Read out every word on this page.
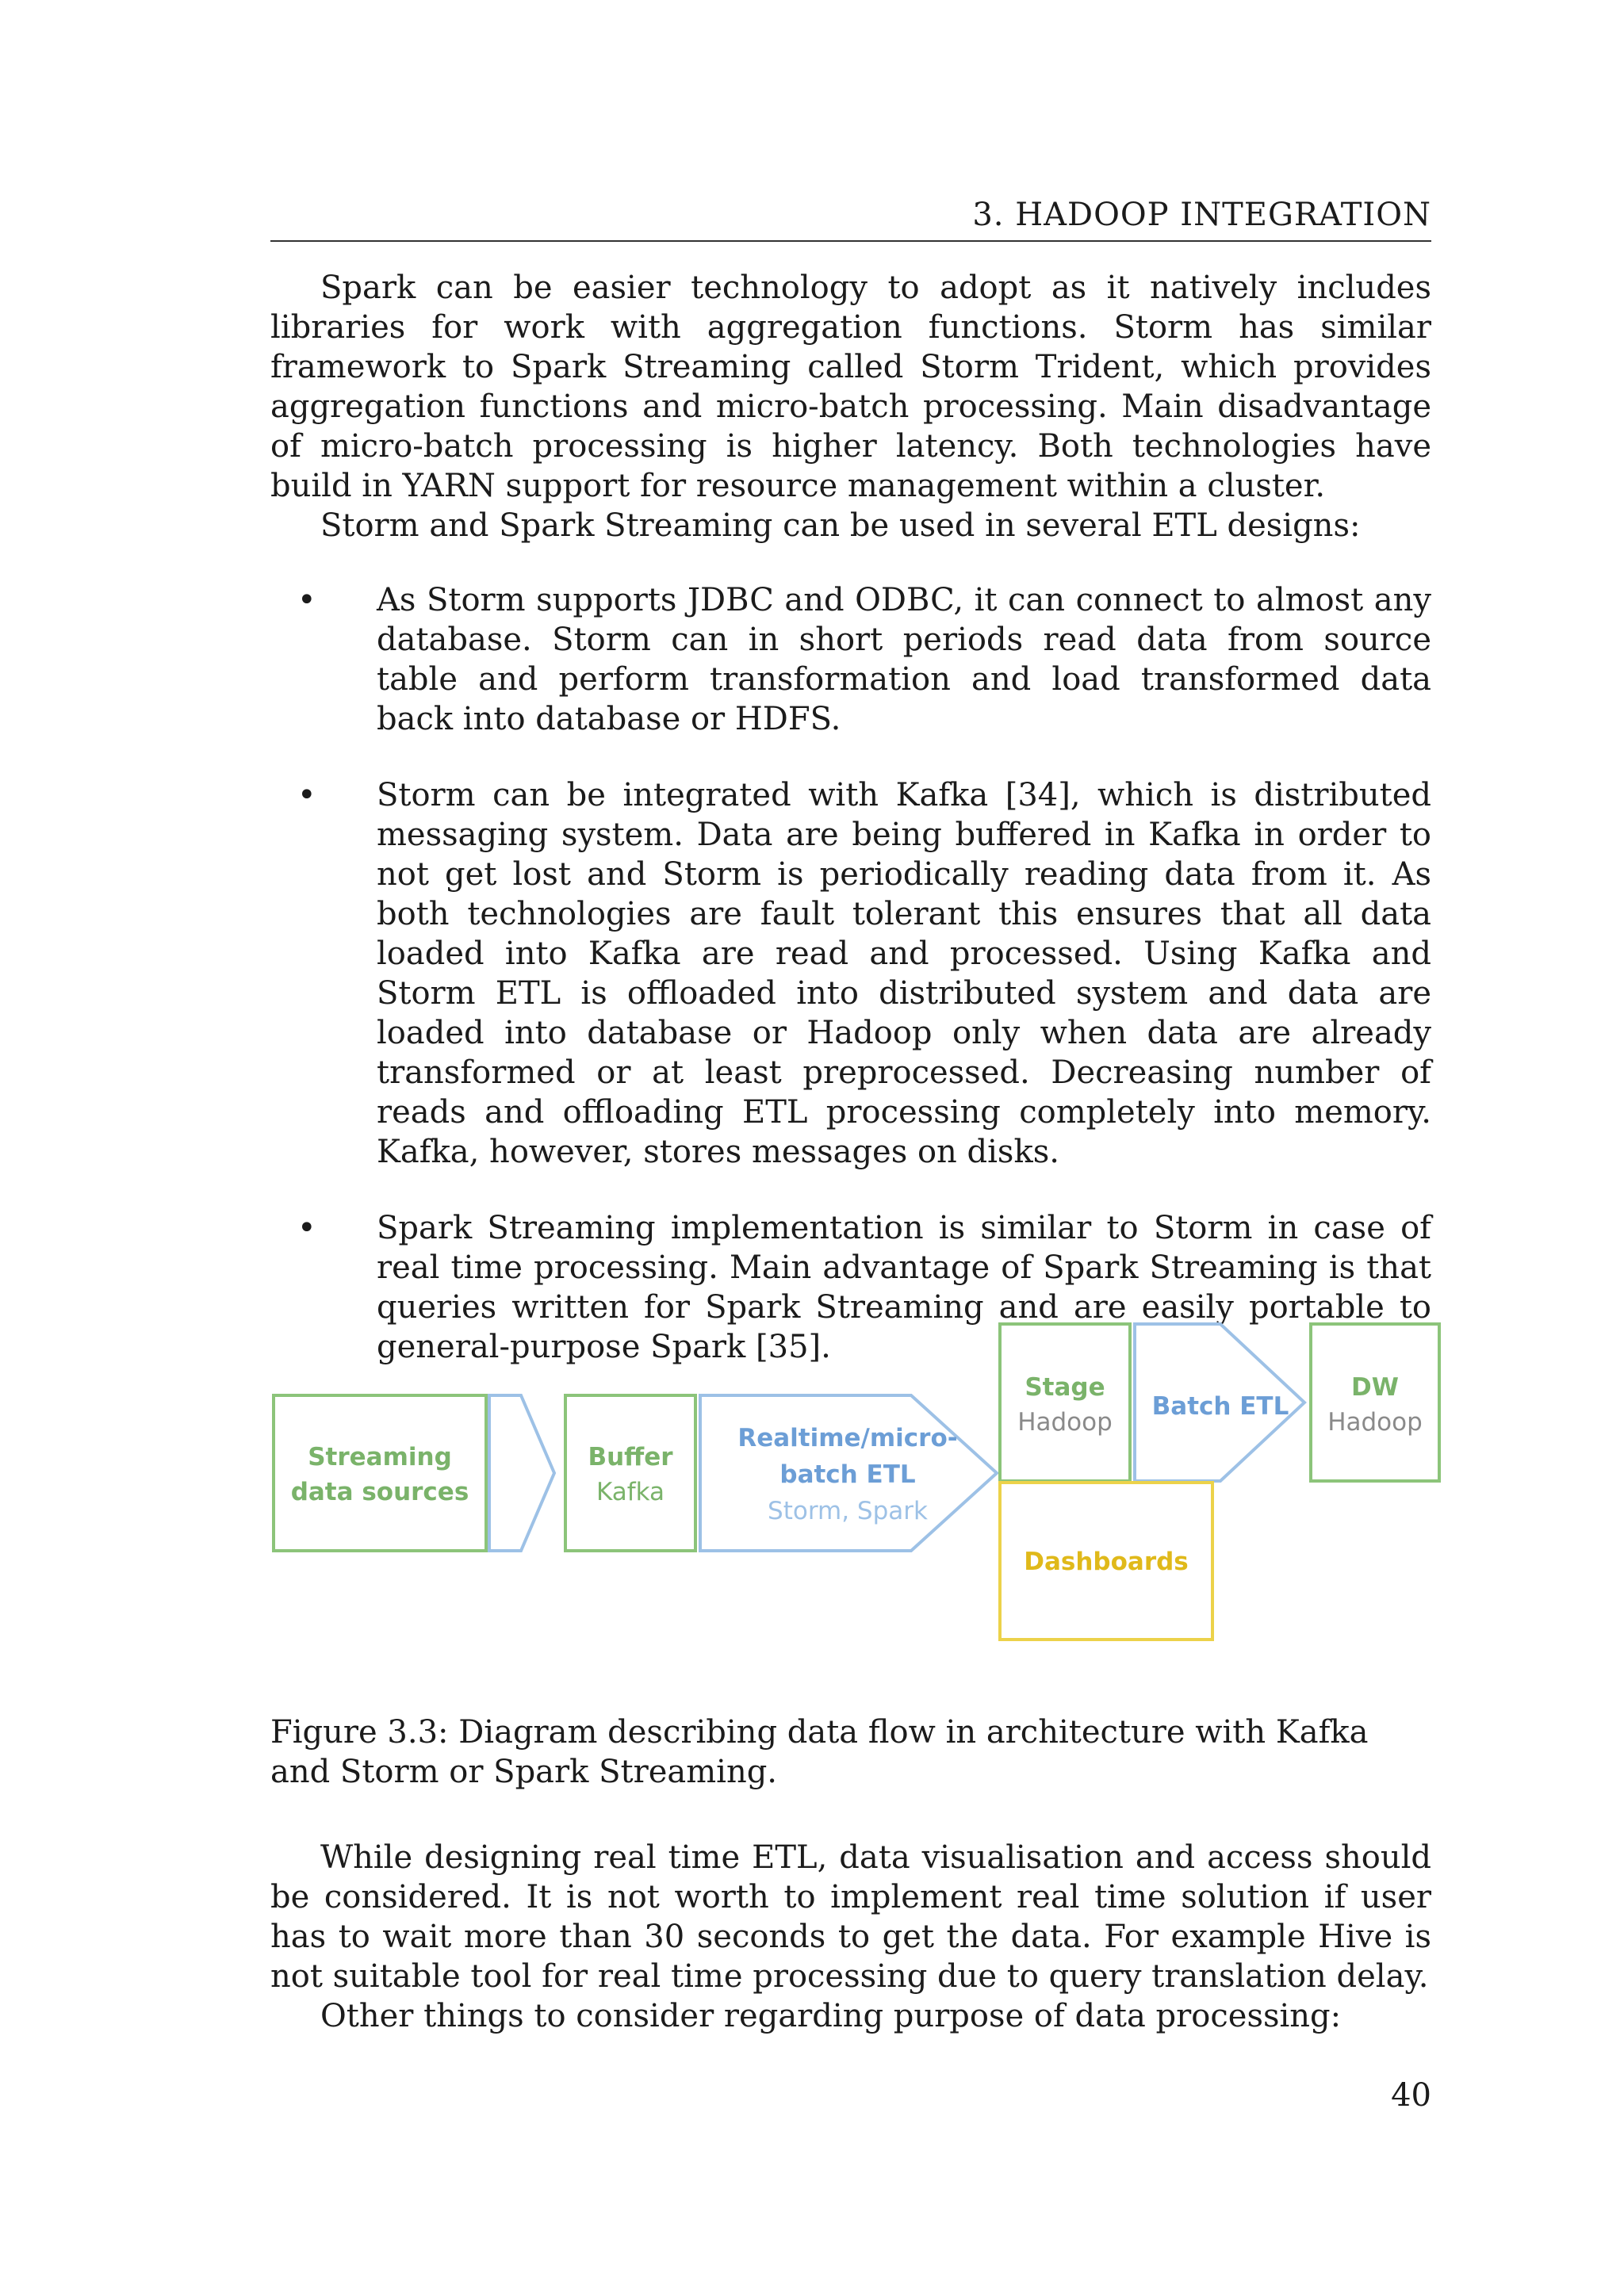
3. HADOOP INTEGRATION

Spark can be easier technology to adopt as it natively includes libraries for work with aggregation functions. Storm has similar framework to Spark Streaming called Storm Trident, which provides aggregation functions and micro-batch processing. Main disadvantage of micro-batch processing is higher latency. Both technologies have build in YARN support for resource management within a cluster.

Storm and Spark Streaming can be used in several ETL designs:

• As Storm supports JDBC and ODBC, it can connect to almost any database. Storm can in short periods read data from source table and perform transformation and load transformed data back into database or HDFS.

• Storm can be integrated with Kafka [34], which is distributed messaging system. Data are being buffered in Kafka in order to not get lost and Storm is periodically reading data from it. As both technologies are fault tolerant this ensures that all data loaded into Kafka are read and processed. Using Kafka and Storm ETL is offloaded into distributed system and data are loaded into database or Hadoop only when data are already transformed or at least preprocessed. Decreasing number of reads and offloading ETL processing completely into memory. Kafka, however, stores messages on disks.

• Spark Streaming implementation is similar to Storm in case of real time processing. Main advantage of Spark Streaming is that queries written for Spark Streaming and are easily portable to general-purpose Spark [35].

Streaming
data sources
Buffer
Kafka
Realtime/micro-
batch ETL
Storm, Spark
Stage
Hadoop
Batch ETL
DW
Hadoop
Dashboards

Figure 3.3: Diagram describing data flow in architecture with Kafka and Storm or Spark Streaming.

While designing real time ETL, data visualisation and access should be considered. It is not worth to implement real time solution if user has to wait more than 30 seconds to get the data. For example Hive is not suitable tool for real time processing due to query translation delay.

Other things to consider regarding purpose of data processing:

40
